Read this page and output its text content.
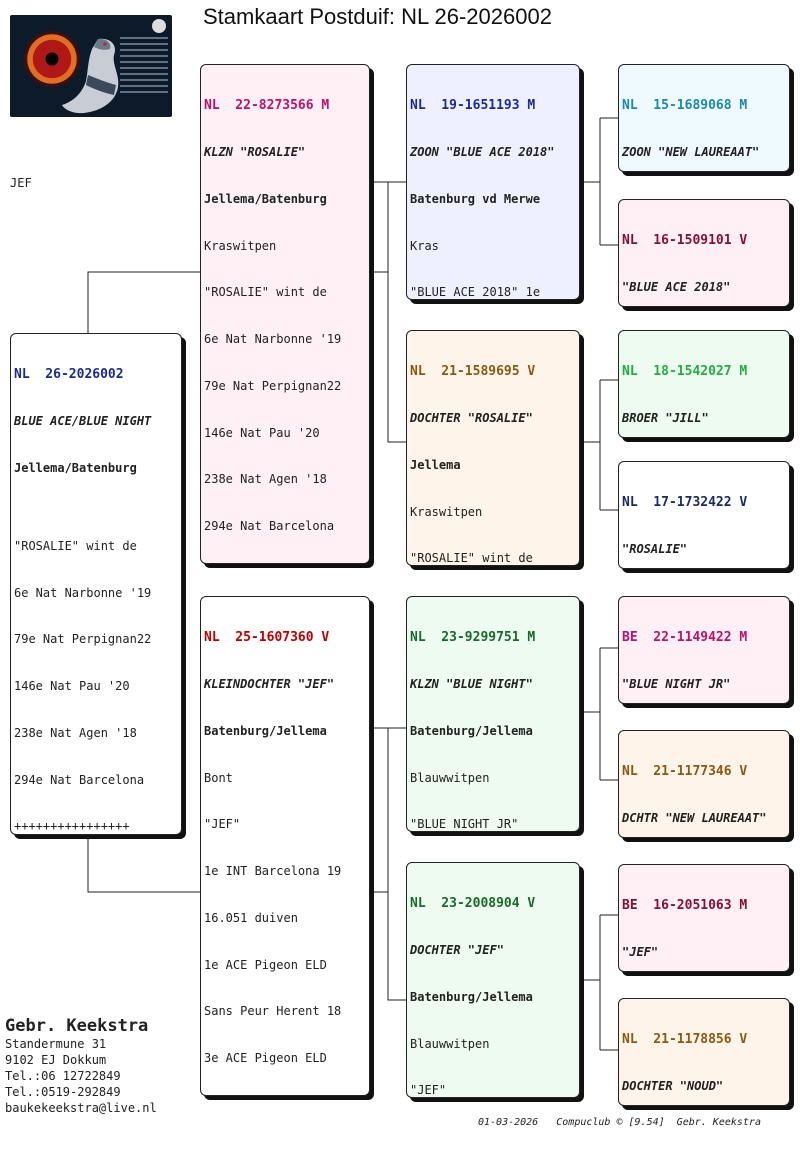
Stamkaart Postduif: NL 26-2026002
JEF

NL  26-2026002

BLUE ACE/BLUE NIGHT

Jellema/Batenburg

"ROSALIE" wint de

6e Nat Narbonne '19

79e Nat Perpignan22

146e Nat Pau '20

238e Nat Agen '18

294e Nat Barcelona

++++++++++++++++

NL  22-8273566 M

KLZN "ROSALIE"

Jellema/Batenburg

Kraswitpen

"ROSALIE" wint de

6e Nat Narbonne '19

79e Nat Perpignan22

146e Nat Pau '20

238e Nat Agen '18

294e Nat Barcelona

NL  25-1607360 V

KLEINDOCHTER "JEF"

Batenburg/Jellema

Bont

"JEF"

1e INT Barcelona 19

16.051 duiven

1e ACE Pigeon ELD

Sans Peur Herent 18

3e ACE Pigeon ELD

NL  19-1651193 M

ZOON "BLUE ACE 2018"

Batenburg vd Merwe

Kras

"BLUE ACE 2018" 1e

NL  21-1589695 V

DOCHTER "ROSALIE"

Jellema

Kraswitpen

"ROSALIE" wint de

NL  23-9299751 M

KLZN "BLUE NIGHT"

Batenburg/Jellema

Blauwwitpen

"BLUE NIGHT JR"

NL  23-2008904 V

DOCHTER "JEF"

Batenburg/Jellema

Blauwwitpen

"JEF"

NL  15-1689068 M

ZOON "NEW LAUREAAT"

NL  16-1509101 V

"BLUE ACE 2018"

NL  18-1542027 M

BROER "JILL"

NL  17-1732422 V

"ROSALIE"

BE  22-1149422 M

"BLUE NIGHT JR"

NL  21-1177346 V

DCHTR "NEW LAUREAAT"

BE  16-2051063 M

"JEF"

NL  21-1178856 V

DOCHTER "NOUD"

Gebr. Keekstra
Standermune 31
9102 EJ Dokkum
Tel.:06 12722849
Tel.:0519-292849
baukekeekstra@live.nl
01-03-2026   Compuclub © [9.54]  Gebr. Keekstra
